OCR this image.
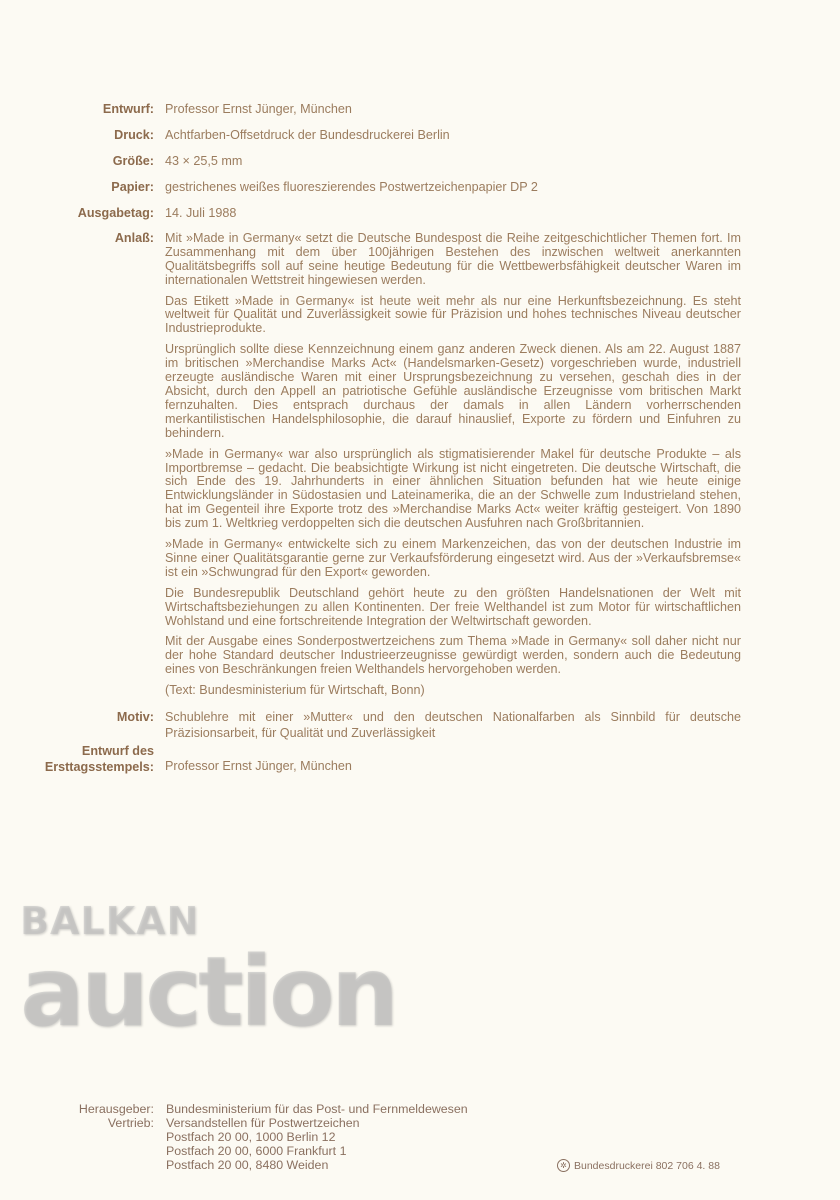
Entwurf: Professor Ernst Jünger, München
Druck: Achtfarben-Offsetdruck der Bundesdruckerei Berlin
Größe: 43 × 25,5 mm
Papier: gestrichenes weißes fluoreszierendes Postwertzeichenpapier DP 2
Ausgabetag: 14. Juli 1988
Anlaß: Mit »Made in Germany« setzt die Deutsche Bundespost die Reihe zeitgeschichtlicher Themen fort. Im Zusammenhang mit dem über 100jährigen Bestehen des inzwischen weltweit anerkannten Qualitätsbegriffs soll auf seine heutige Bedeutung für die Wettbewerbsfähigkeit deutscher Waren im internationalen Wettstreit hingewiesen werden.

Das Etikett »Made in Germany« ist heute weit mehr als nur eine Herkunftsbezeichnung. Es steht weltweit für Qualität und Zuverlässigkeit sowie für Präzision und hohes technisches Niveau deutscher Industrieprodukte.

Ursprünglich sollte diese Kennzeichnung einem ganz anderen Zweck dienen. Als am 22. August 1887 im britischen »Merchandise Marks Act« (Handelsmarken-Gesetz) vorgeschrieben wurde, industriell erzeugte ausländische Waren mit einer Ursprungsbezeichnung zu versehen, geschah dies in der Absicht, durch den Appell an patriotische Gefühle ausländische Erzeugnisse vom britischen Markt fernzuhalten. Dies entsprach durchaus der damals in allen Ländern vorherrschenden merkantilistischen Handelsphilosophie, die darauf hinauslief, Exporte zu fördern und Einfuhren zu behindern.

»Made in Germany« war also ursprünglich als stigmatisierender Makel für deutsche Produkte – als Importbremse – gedacht. Die beabsichtigte Wirkung ist nicht eingetreten. Die deutsche Wirtschaft, die sich Ende des 19. Jahrhunderts in einer ähnlichen Situation befunden hat wie heute einige Entwicklungsländer in Südostasien und Lateinamerika, die an der Schwelle zum Industrieland stehen, hat im Gegenteil ihre Exporte trotz des »Merchandise Marks Act« weiter kräftig gesteigert. Von 1890 bis zum 1. Weltkrieg verdoppelten sich die deutschen Ausfuhren nach Großbritannien.

»Made in Germany« entwickelte sich zu einem Markenzeichen, das von der deutschen Industrie im Sinne einer Qualitätsgarantie gerne zur Verkaufsförderung eingesetzt wird. Aus der »Verkaufsbremse« ist ein »Schwungrad für den Export« geworden.

Die Bundesrepublik Deutschland gehört heute zu den größten Handelsnationen der Welt mit Wirtschaftsbeziehungen zu allen Kontinenten. Der freie Welthandel ist zum Motor für wirtschaftlichen Wohlstand und eine fortschreitende Integration der Weltwirtschaft geworden.

Mit der Ausgabe eines Sonderpostwertzeichens zum Thema »Made in Germany« soll daher nicht nur der hohe Standard deutscher Industrieerzeugnisse gewürdigt werden, sondern auch die Bedeutung eines von Beschränkungen freien Welthandels hervorgehoben werden.

(Text: Bundesministerium für Wirtschaft, Bonn)

Motiv: Schublehre mit einer »Mutter« und den deutschen Nationalfarben als Sinnbild für deutsche Präzisionsarbeit, für Qualität und Zuverlässigkeit
Entwurf des
Ersttagsstempels: Professor Ernst Jünger, München
BALKAN
auction
Herausgeber: Bundesministerium für das Post- und Fernmeldewesen
Vertrieb: Versandstellen für Postwertzeichen
Postfach 20 00, 1000 Berlin 12
Postfach 20 00, 6000 Frankfurt 1
Postfach 20 00, 8480 Weiden	✲ Bundesdruckerei 802 706 4. 88
